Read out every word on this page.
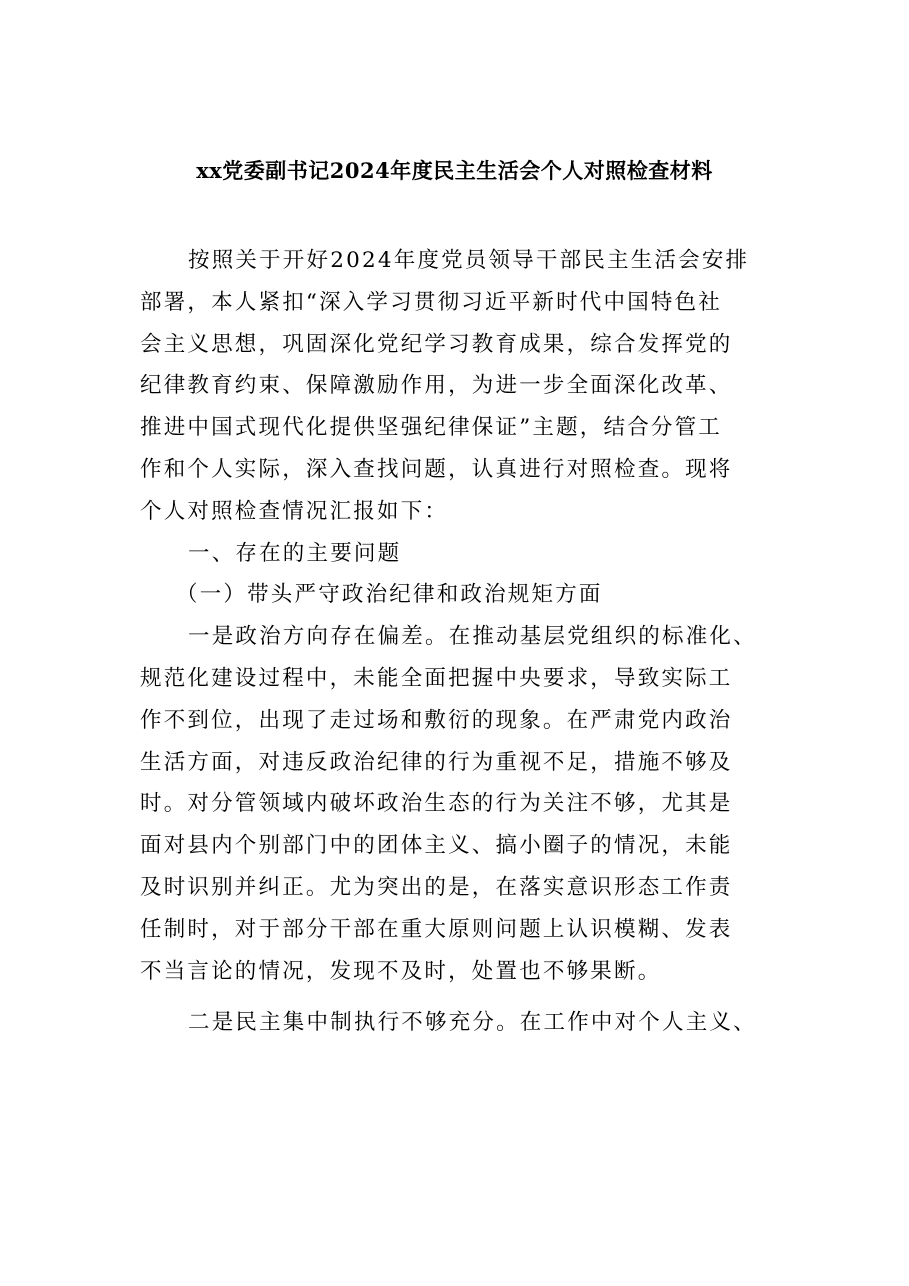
xx党委副书记2024年度民主生活会个人对照检查材料
按照关于开好2024年度党员领导干部民主生活会安排
部署，本人紧扣“深入学习贯彻习近平新时代中国特色社
会主义思想，巩固深化党纪学习教育成果，综合发挥党的
纪律教育约束、保障激励作用，为进一步全面深化改革、
推进中国式现代化提供坚强纪律保证”主题，结合分管工
作和个人实际，深入查找问题，认真进行对照检查。现将
个人对照检查情况汇报如下：
一、存在的主要问题
（一）带头严守政治纪律和政治规矩方面
一是政治方向存在偏差。在推动基层党组织的标准化、
规范化建设过程中，未能全面把握中央要求，导致实际工
作不到位，出现了走过场和敷衍的现象。在严肃党内政治
生活方面，对违反政治纪律的行为重视不足，措施不够及
时。对分管领域内破坏政治生态的行为关注不够，尤其是
面对县内个别部门中的团体主义、搞小圈子的情况，未能
及时识别并纠正。尤为突出的是，在落实意识形态工作责
任制时，对于部分干部在重大原则问题上认识模糊、发表
不当言论的情况，发现不及时，处置也不够果断。
二是民主集中制执行不够充分。在工作中对个人主义、
